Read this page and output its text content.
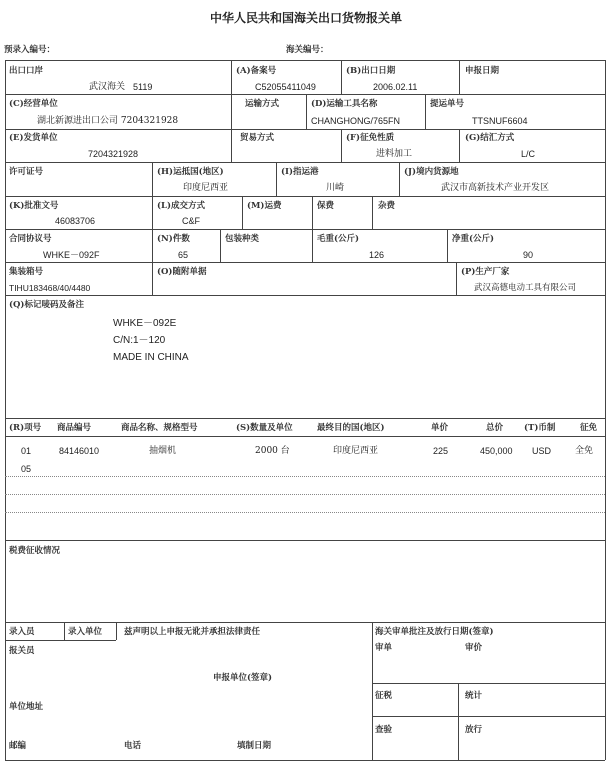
中华人民共和国海关出口货物报关单
预录入编号：	海关编号：
出口口岸
武汉海关 5119
(A)备案号
C52055411049
(B)出口日期
2006.02.11
申报日期
(C)经营单位
湖北新源进出口公司 7204321928
运输方式	(D)运输工具名称
CHANGHONG/765FN
提运单号
TTSNUF6604
(E)发货单位
7204321928
贸易方式	(F)征免性质
进料加工
(G)结汇方式
L/C
许可证号	(H)运抵国(地区)
印度尼西亚
(I)指运港
川崎
(J)境内货源地
武汉市高新技术产业开发区
(K)批准文号
46083706
(L)成交方式
C&F
(M)运费	保费	杂费
合同协议号
WHKE－092F
(N)件数
65
包装种类	毛重(公斤)
126
净重(公斤)
90
集装箱号
TIHU183468/40/4480
(O)随附单据	(P)生产厂家
武汉高德电动工具有限公司
(Q)标记唛码及备注
WHKE－092E
C/N:1－120
MADE IN CHINA
(R)项号 商品编号	商品名称、规格型号	(S)数量及单位	最终目的国(地区)	单价	总价 (T)币制	征免
01	84146010	抽烟机	2000 台	印度尼西亚	225	450,000 USD	全免
05
税费征收情况
录入员	录入单位	兹声明以上申报无讹并承担法律责任
报关员
申报单位(签章)
单位地址
邮编	电话	填制日期
海关审单批注及放行日期(签章)
审单	审价
征税	统计
查验	放行
